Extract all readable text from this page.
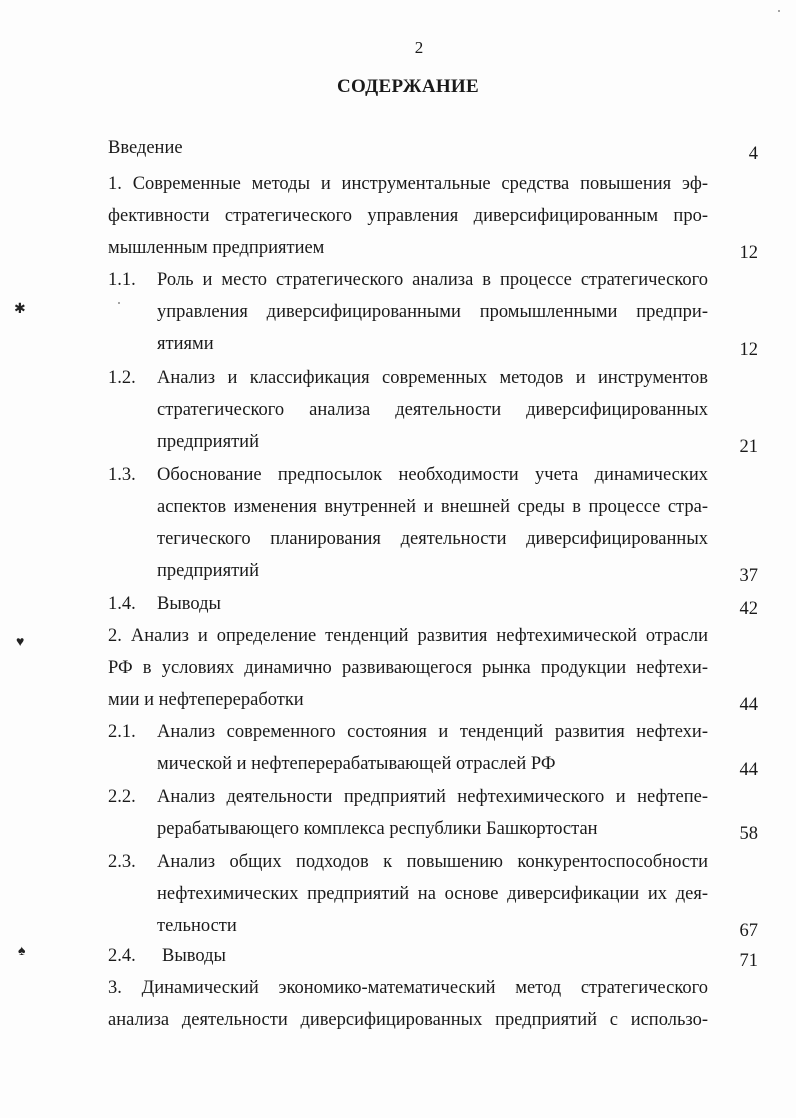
✱
♥
♠
2
СОДЕРЖАНИЕ
Введение	4
1. Современные методы и инструментальные средства повышения эф-
фективности стратегического управления диверсифицированным про-
мышленным предприятием	12
1.1. Роль и место стратегического анализа в процессе стратегического
управления диверсифицированными промышленными предпри-
ятиями	12
1.2. Анализ и классификация современных методов и инструментов
стратегического анализа деятельности диверсифицированных
предприятий	21
1.3. Обоснование предпосылок необходимости учета динамических
аспектов изменения внутренней и внешней среды в процессе стра-
тегического планирования деятельности диверсифицированных
предприятий	37
1.4. Выводы	42
2. Анализ и определение тенденций развития нефтехимической отрасли
РФ в условиях динамично развивающегося рынка продукции нефтехи-
мии и нефтепереработки	44
2.1. Анализ современного состояния и тенденций развития нефтехи-
мической и нефтеперерабатывающей отраслей РФ	44
2.2. Анализ деятельности предприятий нефтехимического и нефтепе-
рерабатывающего комплекса республики Башкортостан	58
2.3. Анализ общих подходов к повышению конкурентоспособности
нефтехимических предприятий на основе диверсификации их дея-
тельности	67
2.4. Выводы	71
3. Динамический экономико-математический метод стратегического
анализа деятельности диверсифицированных предприятий с использо-
